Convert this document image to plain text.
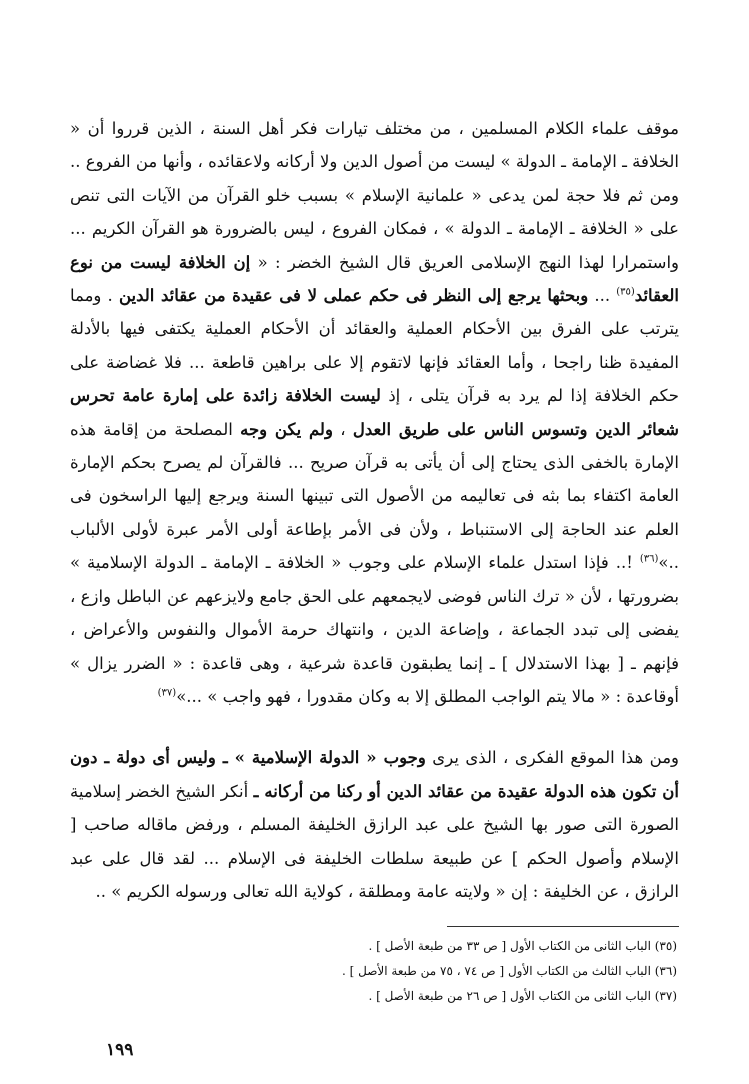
موقف علماء الكلام المسلمين ، من مختلف تيارات فكر أهل السنة ، الذين قرروا أن « الخلافة ـ الإمامة ـ الدولة » ليست من أصول الدين ولا أركانه ولاعقائده ، وأنها من الفروع .. ومن ثم فلا حجة لمن يدعى « علمانية الإسلام » بسبب خلو القرآن من الآيات التى تنص على « الخلافة ـ الإمامة ـ الدولة » ، فمكان الفروع ، ليس بالضرورة هو القرآن الكريم ... واستمرارا لهذا النهج الإسلامى العريق قال الشيخ الخضر : « إن الخلافة ليست من نوع العقائد$^{(٣٥)}$ ... وبحثها يرجع إلى النظر فى حكم عملى لا فى عقيدة من عقائد الدين . ومما يترتب على الفرق بين الأحكام العملية والعقائد أن الأحكام العملية يكتفى فيها بالأدلة المفيدة ظنا راجحا ، وأما العقائد فإنها لاتقوم إلا على براهين قاطعة ... فلا غضاضة على حكم الخلافة إذا لم يرد به قرآن يتلى ، إذ ليست الخلافة زائدة على إمارة عامة تحرس شعائر الدين وتسوس الناس على طريق العدل ، ولم يكن وجه المصلحة من إقامة هذه الإمارة بالخفى الذى يحتاج إلى أن يأتى به قرآن صريح ... فالقرآن لم يصرح بحكم الإمارة العامة اكتفاء بما بثه فى تعاليمه من الأصول التى تبينها السنة ويرجع إليها الراسخون فى العلم عند الحاجة إلى الاستنباط ، ولأن فى الأمر بإطاعة أولى الأمر عبرة لأولى الألباب ..»$^{(٣٦)}$ !.. فإذا استدل علماء الإسلام على وجوب « الخلافة ـ الإمامة ـ الدولة الإسلامية » بضرورتها ، لأن « ترك الناس فوضى لايجمعهم على الحق جامع ولايزعهم عن الباطل وازع ، يفضى إلى تبدد الجماعة ، وإضاعة الدين ، وانتهاك حرمة الأموال والنفوس والأعراض ، فإنهم ـ [ بهذا الاستدلال ] ـ إنما يطبقون قاعدة شرعية ، وهى قاعدة : « الضرر يزال » أوقاعدة : « مالا يتم الواجب المطلق إلا به وكان مقدورا ، فهو واجب » ...»$^{(٣٧)}$

ومن هذا الموقع الفكرى ، الذى يرى وجوب « الدولة الإسلامية » ـ وليس أى دولة ـ دون أن تكون هذه الدولة عقيدة من عقائد الدين أو ركنا من أركانه ـ أنكر الشيخ الخضر إسلامية الصورة التى صور بها الشيخ على عبد الرازق الخليفة المسلم ، ورفض ماقاله صاحب [ الإسلام وأصول الحكم ] عن طبيعة سلطات الخليفة فى الإسلام ... لقد قال على عبد الرازق ، عن الخليفة : إن « ولايته عامة ومطلقة ، كولاية الله تعالى ورسوله الكريم » ..

(٣٥) الباب الثانى من الكتاب الأول [ ص ٣٣ من طبعة الأصل ] .
(٣٦) الباب الثالث من الكتاب الأول [ ص ٧٤ ، ٧٥ من طبعة الأصل ] .
(٣٧) الباب الثانى من الكتاب الأول [ ص ٢٦ من طبعة الأصل ] .
١٩٩
